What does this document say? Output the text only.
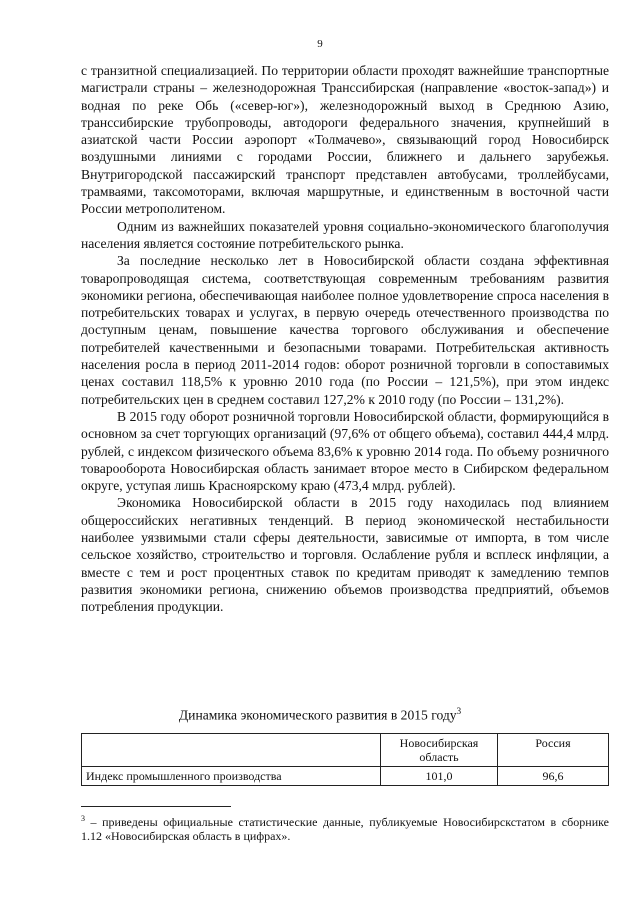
9

с транзитной специализацией. По территории области проходят важнейшие транспортные магистрали страны – железнодорожная Транссибирская (направление «восток-запад») и водная по реке Обь («север-юг»), железнодорожный выход в Среднюю Азию, транссибирские трубопроводы, автодороги федерального значения, крупнейший в азиатской части России аэропорт «Толмачево», связывающий город Новосибирск воздушными линиями с городами России, ближнего и дальнего зарубежья. Внутригородской пассажирский транспорт представлен автобусами, троллейбусами, трамваями, таксомоторами, включая маршрутные, и единственным в восточной части России метрополитеном.

Одним из важнейших показателей уровня социально-экономического благополучия населения является состояние потребительского рынка.

За последние несколько лет в Новосибирской области создана эффективная товаропроводящая система, соответствующая современным требованиям развития экономики региона, обеспечивающая наиболее полное удовлетворение спроса населения в потребительских товарах и услугах, в первую очередь отечественного производства по доступным ценам, повышение качества торгового обслуживания и обеспечение потребителей качественными и безопасными товарами. Потребительская активность населения росла в период 2011-2014 годов: оборот розничной торговли в сопоставимых ценах составил 118,5% к уровню 2010 года (по России – 121,5%), при этом индекс потребительских цен в среднем составил 127,2% к 2010 году (по России – 131,2%).

В 2015 году оборот розничной торговли Новосибирской области, формирующийся в основном за счет торгующих организаций (97,6% от общего объема), составил 444,4 млрд. рублей, с индексом физического объема 83,6% к уровню 2014 года. По объему розничного товарооборота Новосибирская область занимает второе место в Сибирском федеральном округе, уступая лишь Красноярскому краю (473,4 млрд. рублей).

Экономика Новосибирской области в 2015 году находилась под влиянием общероссийских негативных тенденций. В период экономической нестабильности наиболее уязвимыми стали сферы деятельности, зависимые от импорта, в том числе сельское хозяйство, строительство и торговля. Ослабление рубля и всплеск инфляции, а вместе с тем и рост процентных ставок по кредитам приводят к замедлению темпов развития экономики региона, снижению объемов производства предприятий, объемов потребления продукции.

Динамика экономического развития в 2015 году$^3$
	Новосибирская область	Россия
Индекс промышленного производства	101,0	96,6
$^3$ – приведены официальные статистические данные, публикуемые Новосибирскстатом в сборнике 1.12 «Новосибирская область в цифрах».
